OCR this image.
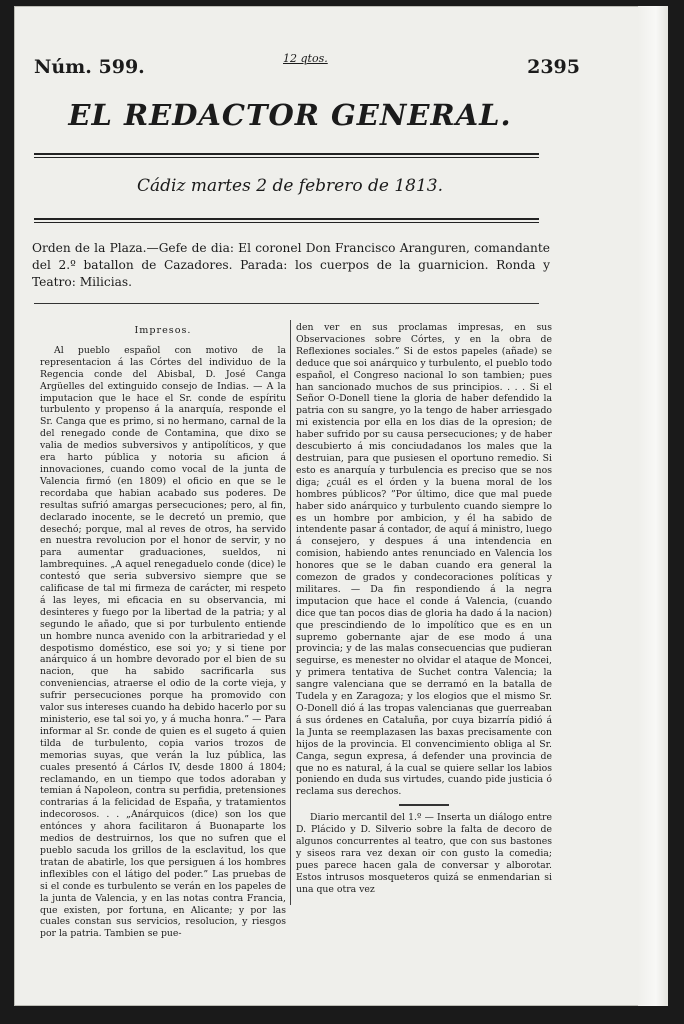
Núm. 599.	12 qtos.	2395
EL REDACTOR GENERAL.
Cádiz martes 2 de febrero de 1813.
Orden de la Plaza.—Gefe de dia: El coronel Don Francisco Aranguren, comandante del 2.º batallon de Cazadores. Parada: los cuerpos de la guarnicion. Ronda y Teatro: Milicias.
Impresos.

Al pueblo español con motivo de la representacion á las Córtes del individuo de la Regencia conde del Abisbal, D. José Canga Argüelles del extinguido consejo de Indias. — A la imputacion que le hace el Sr. conde de espíritu turbulento y propenso á la anarquía, responde el Sr. Canga que es primo, si no hermano, carnal de la del renegado conde de Contamina, que dixo se valia de medios subversivos y antipolíticos, y que era harto pública y notoria su aficion á innovaciones, cuando como vocal de la junta de Valencia firmó (en 1809) el oficio en que se le recordaba que habian acabado sus poderes. De resultas sufrió amargas persecuciones; pero, al fin, declarado inocente, se le decretó un premio, que desechó; porque, mal al reves de otros, ha servido en nuestra revolucion por el honor de servir, y no para aumentar graduaciones, sueldos, ni lambrequines. „A aquel renegaduelo conde (dice) le contestó que seria subversivo siempre que se calificase de tal mi firmeza de carácter, mi respeto á las leyes, mi eficacia en su observancia, mi desinteres y fuego por la libertad de la patria; y al segundo le añado, que si por turbulento entiende un hombre nunca avenido con la arbitrariedad y el despotismo doméstico, ese soi yo; y si tiene por anárquico á un hombre devorado por el bien de su nacion, que ha sabido sacrificarla sus conveniencias, atraerse el odio de la corte vieja, y sufrir persecuciones porque ha promovido con valor sus intereses cuando ha debido hacerlo por su ministerio, ese tal soi yo, y á mucha honra.” — Para informar al Sr. conde de quien es el sugeto á quien tilda de turbulento, copia varios trozos de memorias suyas, que verán la luz pública, las cuales presentó á Cárlos IV, desde 1800 á 1804; reclamando, en un tiempo que todos adoraban y temian á Napoleon, contra su perfidia, pretensiones contrarias á la felicidad de España, y tratamientos indecorosos. . . „Anárquicos (dice) son los que entónces y ahora facilitaron á Buonaparte los medios de destruirnos, los que no sufren que el pueblo sacuda los grillos de la esclavitud, los que tratan de abatirle, los que persiguen á los hombres inflexibles con el látigo del poder.” Las pruebas de si el conde es turbulento se verán en los papeles de la junta de Valencia, y en las notas contra Francia, que existen, por fortuna, en Alicante; y por las cuales constan sus servicios, resolucion, y riesgos por la patria. Tambien se pue-

den ver en sus proclamas impresas, en sus Observaciones sobre Córtes, y en la obra de Reflexiones sociales.” Si de estos papeles (añade) se deduce que soi anárquico y turbulento, el pueblo todo español, el Congreso nacional lo son tambien; pues han sancionado muchos de sus principios. . . . Si el Señor O-Donell tiene la gloria de haber defendido la patria con su sangre, yo la tengo de haber arriesgado mi existencia por ella en los dias de la opresion; de haber sufrido por su causa persecuciones; y de haber descubierto á mis conciudadanos los males que la destruian, para que pusiesen el oportuno remedio. Si esto es anarquía y turbulencia es preciso que se nos diga; ¿cuál es el órden y la buena moral de los hombres públicos? ”Por último, dice que mal puede haber sido anárquico y turbulento cuando siempre lo es un hombre por ambicion, y él ha sabido de intendente pasar á contador, de aquí á ministro, luego á consejero, y despues á una intendencia en comision, habiendo antes renunciado en Valencia los honores que se le daban cuando era general la comezon de grados y condecoraciones políticas y militares. — Da fin respondiendo á la negra imputacion que hace el conde á Valencia, (cuando dice que tan pocos dias de gloria ha dado á la nacion) que prescindiendo de lo impolítico que es en un supremo gobernante ajar de ese modo á una provincia; y de las malas consecuencias que pudieran seguirse, es menester no olvidar el ataque de Moncei, y primera tentativa de Suchet contra Valencia; la sangre valenciana que se derramó en la batalla de Tudela y en Zaragoza; y los elogios que el mismo Sr. O-Donell dió á las tropas valencianas que guerreaban á sus órdenes en Cataluña, por cuya bizarría pidió á la Junta se reemplazasen las baxas precisamente con hijos de la provincia. El convencimiento obliga al Sr. Canga, segun expresa, á defender una provincia de que no es natural, á la cual se quiere sellar los labios poniendo en duda sus virtudes, cuando pide justicia ó reclama sus derechos.

Diario mercantil del 1.º — Inserta un diálogo entre D. Plácido y D. Silverio sobre la falta de decoro de algunos concurrentes al teatro, que con sus bastones y siseos rara vez dexan oir con gusto la comedia; pues parece hacen gala de conversar y alborotar. Estos intrusos mosqueteros quizá se enmendarian si una que otra vez
